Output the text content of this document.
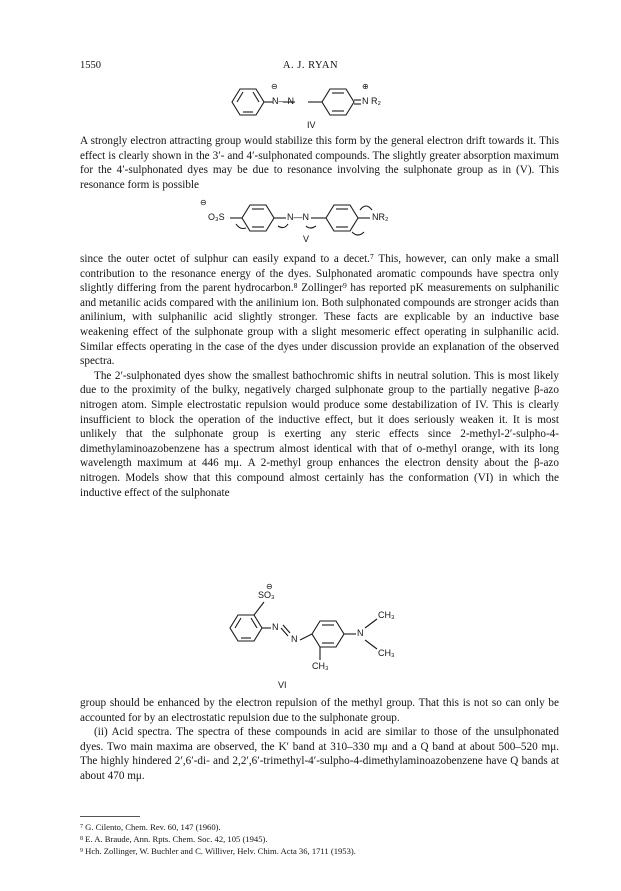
1550	A. J. RYAN
⊖
N—N	N R₂
⊕
IV

A strongly electron attracting group would stabilize this form by the general electron drift towards it. This effect is clearly shown in the 3′- and 4′-sulphonated compounds. The slightly greater absorption maximum for the 4′-sulphonated dyes may be due to resonance involving the sulphonate group as in (V). This resonance form is possible

⊖
O₃S	N—N	NR₂
V

since the outer octet of sulphur can easily expand to a decet.⁷ This, however, can only make a small contribution to the resonance energy of the dyes. Sulphonated aromatic compounds have spectra only slightly differing from the parent hydrocarbon.⁸ Zollinger⁹ has reported pK measurements on sulphanilic and metanilic acids compared with the anilinium ion. Both sulphonated compounds are stronger acids than anilinium, with sulphanilic acid slightly stronger. These facts are explicable by an inductive base weakening effect of the sulphonate group with a slight mesomeric effect operating in sulphanilic acid. Similar effects operating in the case of the dyes under discussion provide an explanation of the observed spectra.

The 2′-sulphonated dyes show the smallest bathochromic shifts in neutral solution. This is most likely due to the proximity of the bulky, negatively charged sulphonate group to the partially negative β-azo nitrogen atom. Simple electrostatic repulsion would produce some destabilization of IV. This is clearly insufficient to block the operation of the inductive effect, but it does seriously weaken it. It is most unlikely that the sulphonate group is exerting any steric effects since 2-methyl-2′-sulpho-4-dimethylaminoazobenzene has a spectrum almost identical with that of o-methyl orange, with its long wavelength maximum at 446 mμ. A 2-methyl group enhances the electron density about the β-azo nitrogen. Models show that this compound almost certainly has the conformation (VI) in which the inductive effect of the sulphonate

⊖
SO₃
N
N
N
CH₃
CH₃
CH₃
VI

group should be enhanced by the electron repulsion of the methyl group. That this is not so can only be accounted for by an electrostatic repulsion due to the sulphonate group.

(ii) Acid spectra. The spectra of these compounds in acid are similar to those of the unsulphonated dyes. Two main maxima are observed, the K′ band at 310–330 mμ and a Q band at about 500–520 mμ. The highly hindered 2′,6′-di- and 2,2′,6′-trimethyl-4′-sulpho-4-dimethylaminoazobenzene have Q bands at about 470 mμ.

$^7$ G. Cilento, Chem. Rev. 60, 147 (1960).
$^8$ E. A. Braude, Ann. Rpts. Chem. Soc. 42, 105 (1945).
$^9$ Hch. Zollinger, W. Buchler and C. Williver, Helv. Chim. Acta 36, 1711 (1953).
